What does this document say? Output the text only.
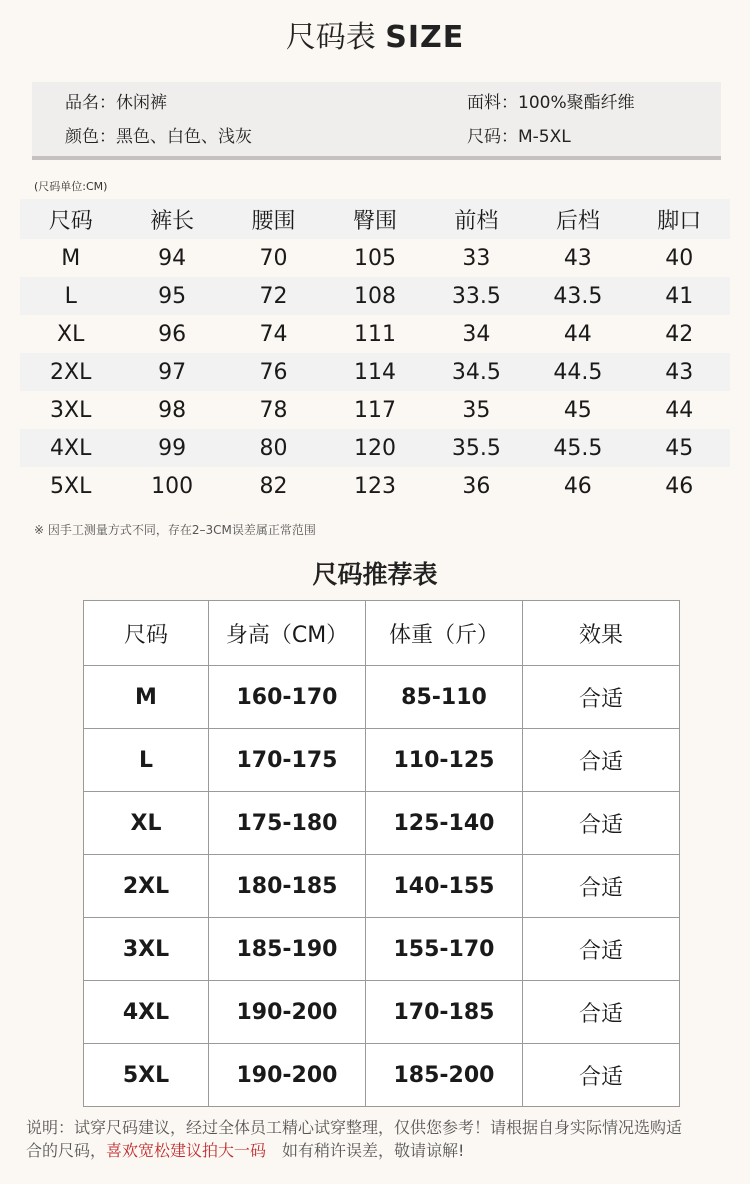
尺码表 SIZE
品名：休闲裤
颜色：黑色、白色、浅灰
面料：100%聚酯纤维
尺码：M-5XL
(尺码单位:CM)
尺码	裤长	腰围	臀围	前档	后档	脚口
M	94	70	105	33	43	40
L	95	72	108	33.5	43.5	41
XL	96	74	111	34	44	42
2XL	97	76	114	34.5	44.5	43
3XL	98	78	117	35	45	44
4XL	99	80	120	35.5	45.5	45
5XL	100	82	123	36	46	46
※ 因手工测量方式不同，存在2–3CM误差属正常范围
尺码推荐表
尺码	身高（CM）	体重（斤）	效果
M	160-170	85-110	合适
L	170-175	110-125	合适
XL	175-180	125-140	合适
2XL	180-185	140-155	合适
3XL	185-190	155-170	合适
4XL	190-200	170-185	合适
5XL	190-200	185-200	合适
说明：试穿尺码建议，经过全体员工精心试穿整理，仅供您参考！请根据自身实际情况选购适
合的尺码，喜欢宽松建议拍大一码　如有稍许误差，敬请谅解!
